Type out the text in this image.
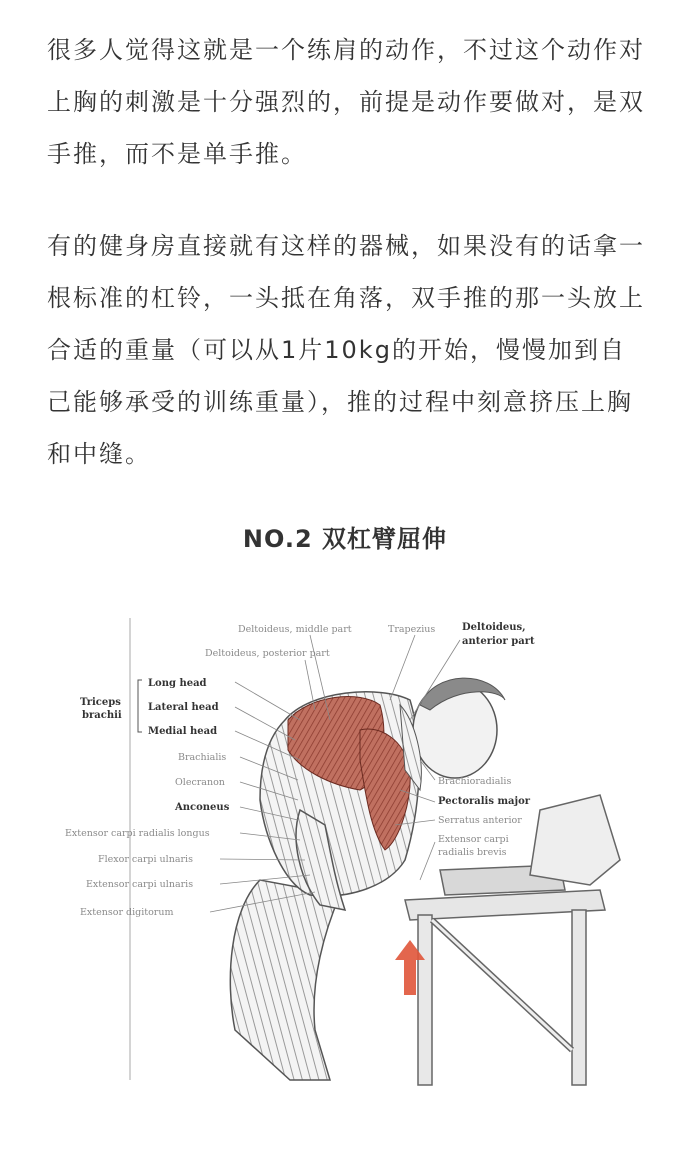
很多人觉得这就是一个练肩的动作，不过这个动作对上胸的刺激是十分强烈的，前提是动作要做对，是双手推，而不是单手推。

有的健身房直接就有这样的器械，如果没有的话拿一根标准的杠铃，一头抵在角落，双手推的那一头放上合适的重量（可以从1片10kg的开始，慢慢加到自己能够承受的训练重量），推的过程中刻意挤压上胸和中缝。

NO.2 双杠臂屈伸
Deltoideus, middle part	Trapezius	Deltoideus,
anterior part
Deltoideus, posterior part
Triceps
brachii
Long head
Lateral head
Medial head
Brachialis
Olecranon
Anconeus
Extensor carpi radialis longus
Flexor carpi ulnaris
Extensor carpi ulnaris
Extensor digitorum
Brachioradialis
Pectoralis major
Serratus anterior
Extensor carpi
radialis brevis
